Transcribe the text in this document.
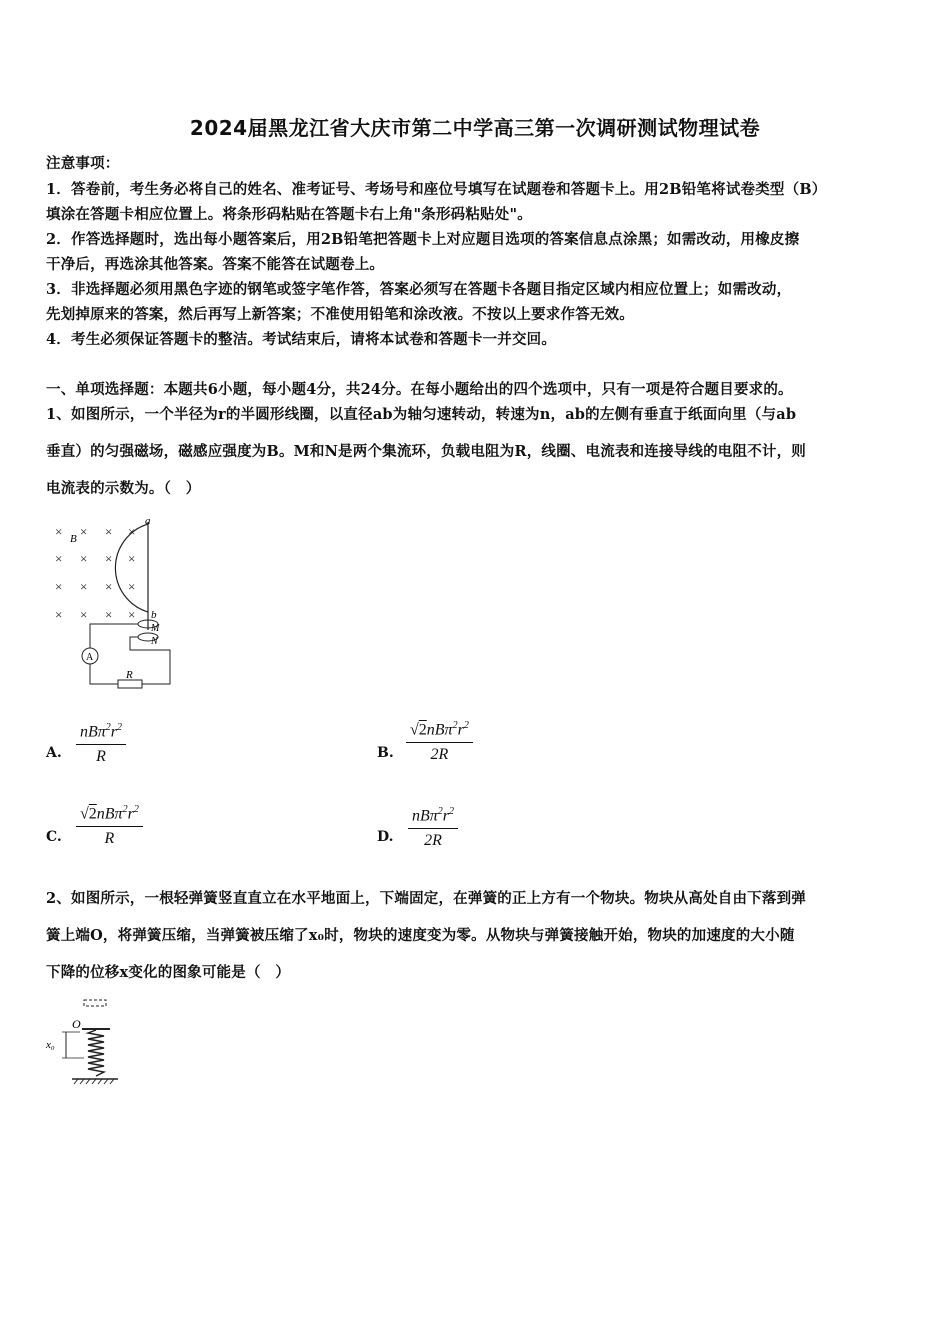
2024届黑龙江省大庆市第二中学高三第一次调研测试物理试卷
注意事项：
1．答卷前，考生务必将自己的姓名、准考证号、考场号和座位号填写在试题卷和答题卡上。用2B铅笔将试卷类型（B）
填涂在答题卡相应位置上。将条形码粘贴在答题卡右上角"条形码粘贴处"。
2．作答选择题时，选出每小题答案后，用2B铅笔把答题卡上对应题目选项的答案信息点涂黑；如需改动，用橡皮擦
干净后，再选涂其他答案。答案不能答在试题卷上。
3．非选择题必须用黑色字迹的钢笔或签字笔作答，答案必须写在答题卡各题目指定区域内相应位置上；如需改动，
先划掉原来的答案，然后再写上新答案；不准使用铅笔和涂改液。不按以上要求作答无效。
4．考生必须保证答题卡的整洁。考试结束后，请将本试卷和答题卡一并交回。
一、单项选择题：本题共6小题，每小题4分，共24分。在每小题给出的四个选项中，只有一项是符合题目要求的。
1、如图所示，一个半径为r的半圆形线圈，以直径ab为轴匀速转动，转速为n，ab的左侧有垂直于纸面向里（与ab
垂直）的匀强磁场，磁感应强度为B。M和N是两个集流环，负载电阻为R，线圈、电流表和连接导线的电阻不计，则
电流表的示数为。（　）
× × × ×
× × × ×
× × × ×
× × × ×
B
a
b
M
N
A
R
A.
$nB\pi^2r^2$
R	B.
$√2nB\pi^2r^2$
2R
C.
$√2nB\pi^2r^2$
R	D.
$nB\pi^2r^2$
2R
2、如图所示，一根轻弹簧竖直直立在水平地面上，下端固定，在弹簧的正上方有一个物块。物块从高处自由下落到弹
簧上端O，将弹簧压缩，当弹簧被压缩了x₀时，物块的速度变为零。从物块与弹簧接触开始，物块的加速度的大小随
下降的位移x变化的图象可能是（　）
O
x₀
